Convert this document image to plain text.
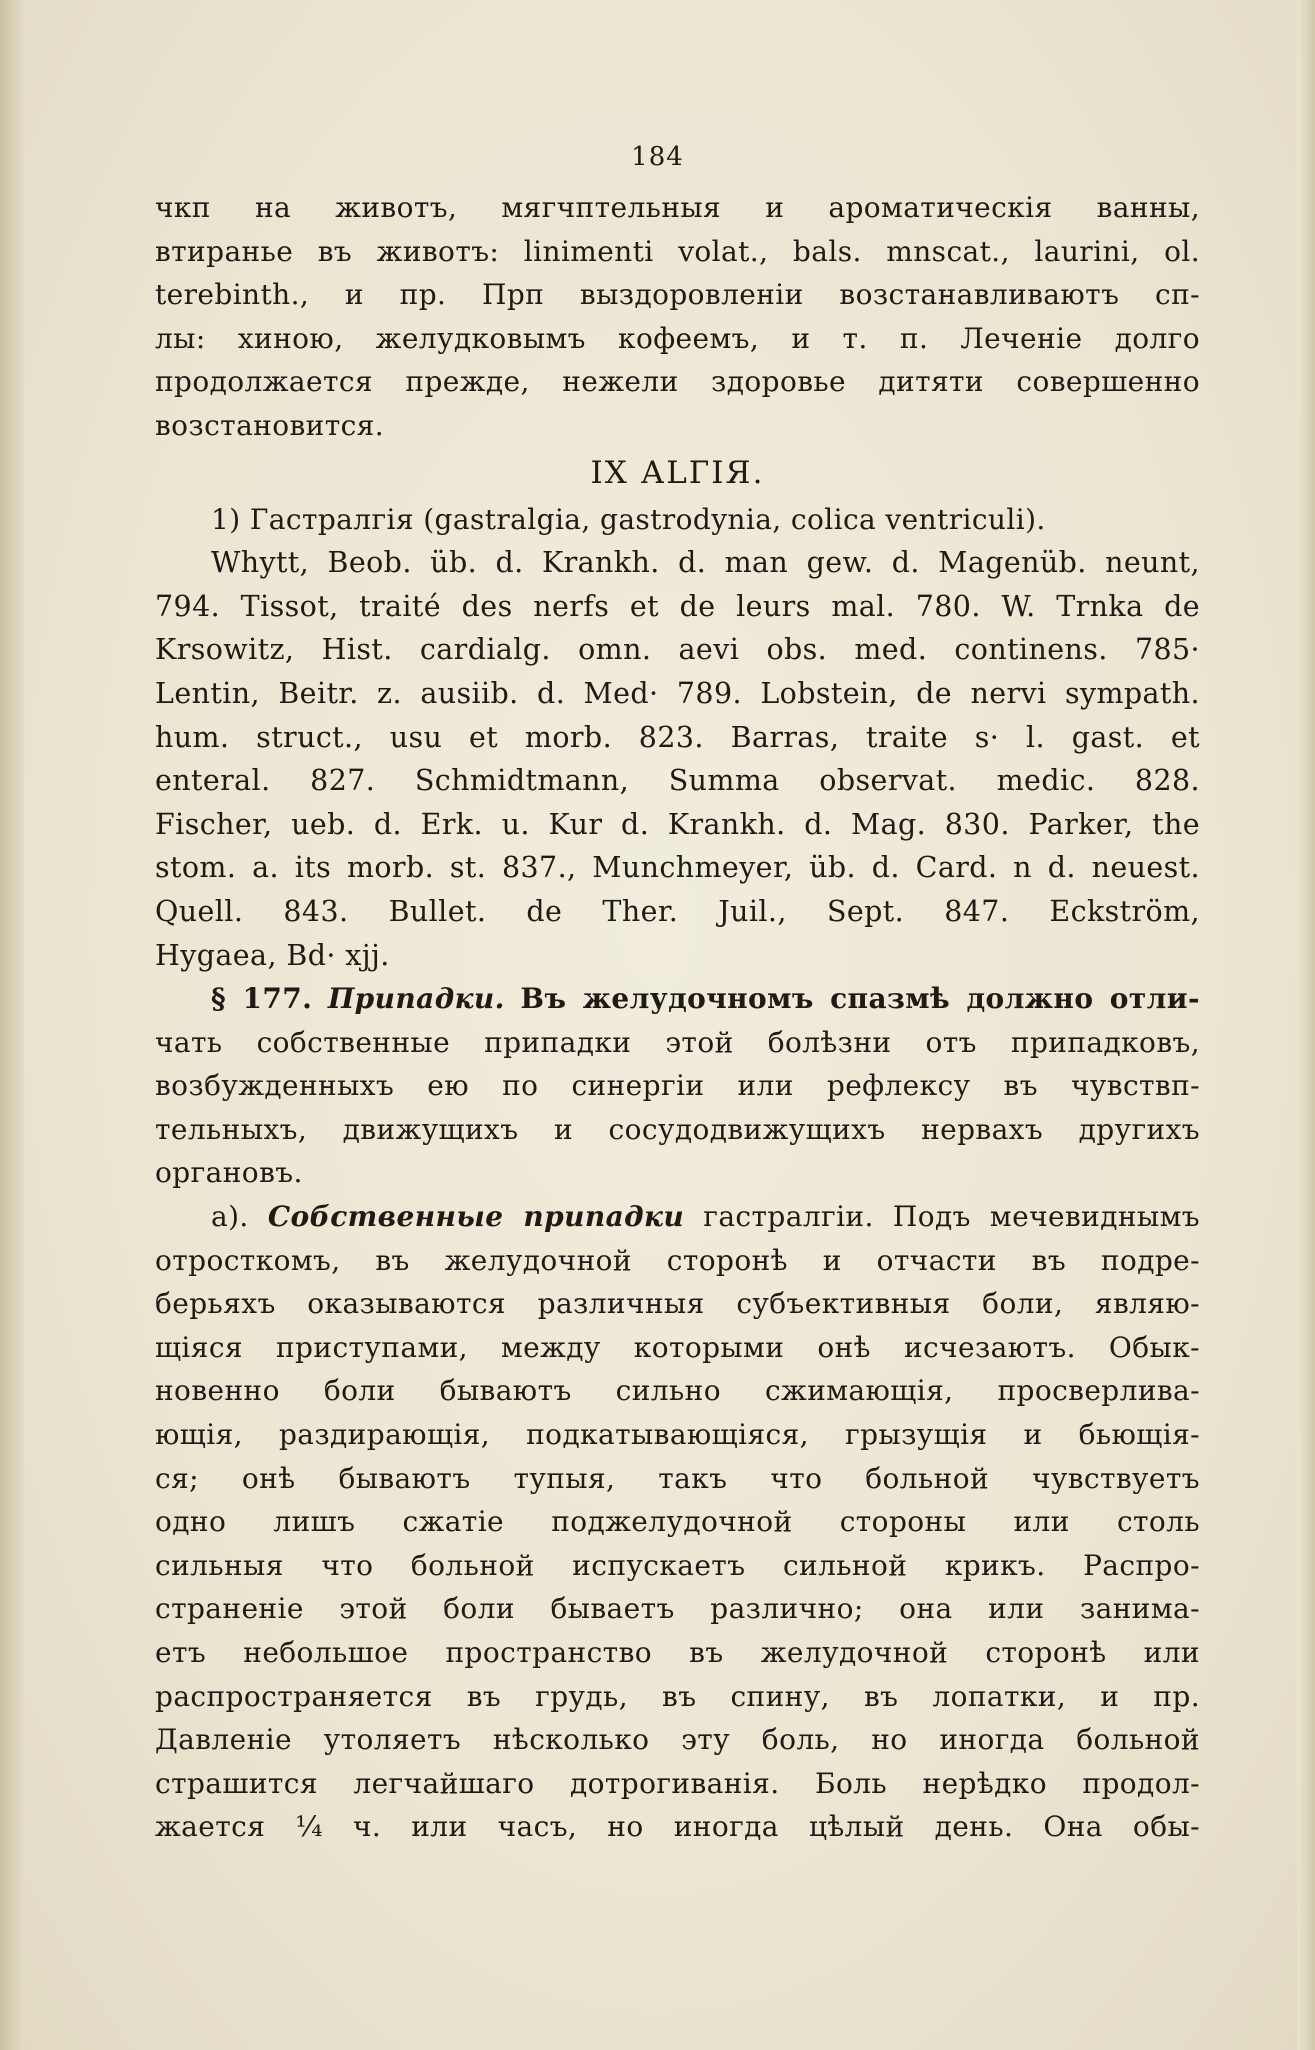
184
чкп на животъ, мягчптельныя и ароматическія ванны,
втиранье въ животъ: linimenti volat., bals. mnscat., laurini, ol.
terebinth., и пр. Прп выздоровленіи возстанавливаютъ сп-
лы: хиною, желудковымъ кофеемъ, и т. п. Леченіе долго
продолжается прежде, нежели здоровье дитяти совершенно
возстановится.
IX АLГІЯ.
1) Гастралгія (gastralgia, gastrodynia, colica ventriculi).
Whytt, Beob. üb. d. Krankh. d. man gew. d. Magenüb. neunt,
794. Tissot, traité des nerfs et de leurs mal. 780. W. Trnka de
Krsowitz, Hist. cardialg. omn. aevi obs. med. continens. 785·
Lentin, Beitr. z. ausiib. d. Med· 789. Lobstein, de nervi sympath.
hum. struct., usu et morb. 823. Barras, traite s· l. gast. et
enteral. 827. Schmidtmann, Summa observat. medic. 828.
Fischer, ueb. d. Erk. u. Kur d. Krankh. d. Mag. 830. Parker, the
stom. a. its morb. st. 837., Munchmeyer, üb. d. Card. n d. neuest.
Quell. 843. Bullet. de Ther. Juil., Sept. 847. Eckström,
Hygaea, Bd· xjj.
§ 177. Припадки. Въ желудочномъ спазмѣ должно отли-
чать собственные припадки этой болѣзни отъ припадковъ,
возбужденныхъ ею по синергіи или рефлексу въ чувствп-
тельныхъ, движущихъ и сосудодвижущихъ нервахъ другихъ
органовъ.
а). Собственные припадки гастралгіи. Подъ мечевиднымъ
отросткомъ, въ желудочной сторонѣ и отчасти въ подре-
берьяхъ оказываются различныя субъективныя боли, являю-
щіяся приступами, между которыми онѣ исчезаютъ. Обык-
новенно боли бываютъ сильно сжимающія, просверлива-
ющія, раздирающія, подкатывающіяся, грызущія и бьющія-
ся; онѣ бываютъ тупыя, такъ что больной чувствуетъ
одно лишъ сжатіе поджелудочной стороны или столь
сильныя что больной испускаетъ сильной крикъ. Распро-
страненіе этой боли бываетъ различно; она или занима-
етъ небольшое пространство въ желудочной сторонѣ или
распространяется въ грудь, въ спину, въ лопатки, и пр.
Давленіе утоляетъ нѣсколько эту боль, но иногда больной
страшится легчайшаго дотрогиванія. Боль нерѣдко продол-
жается ¼ ч. или часъ, но иногда цѣлый день. Она обы-
